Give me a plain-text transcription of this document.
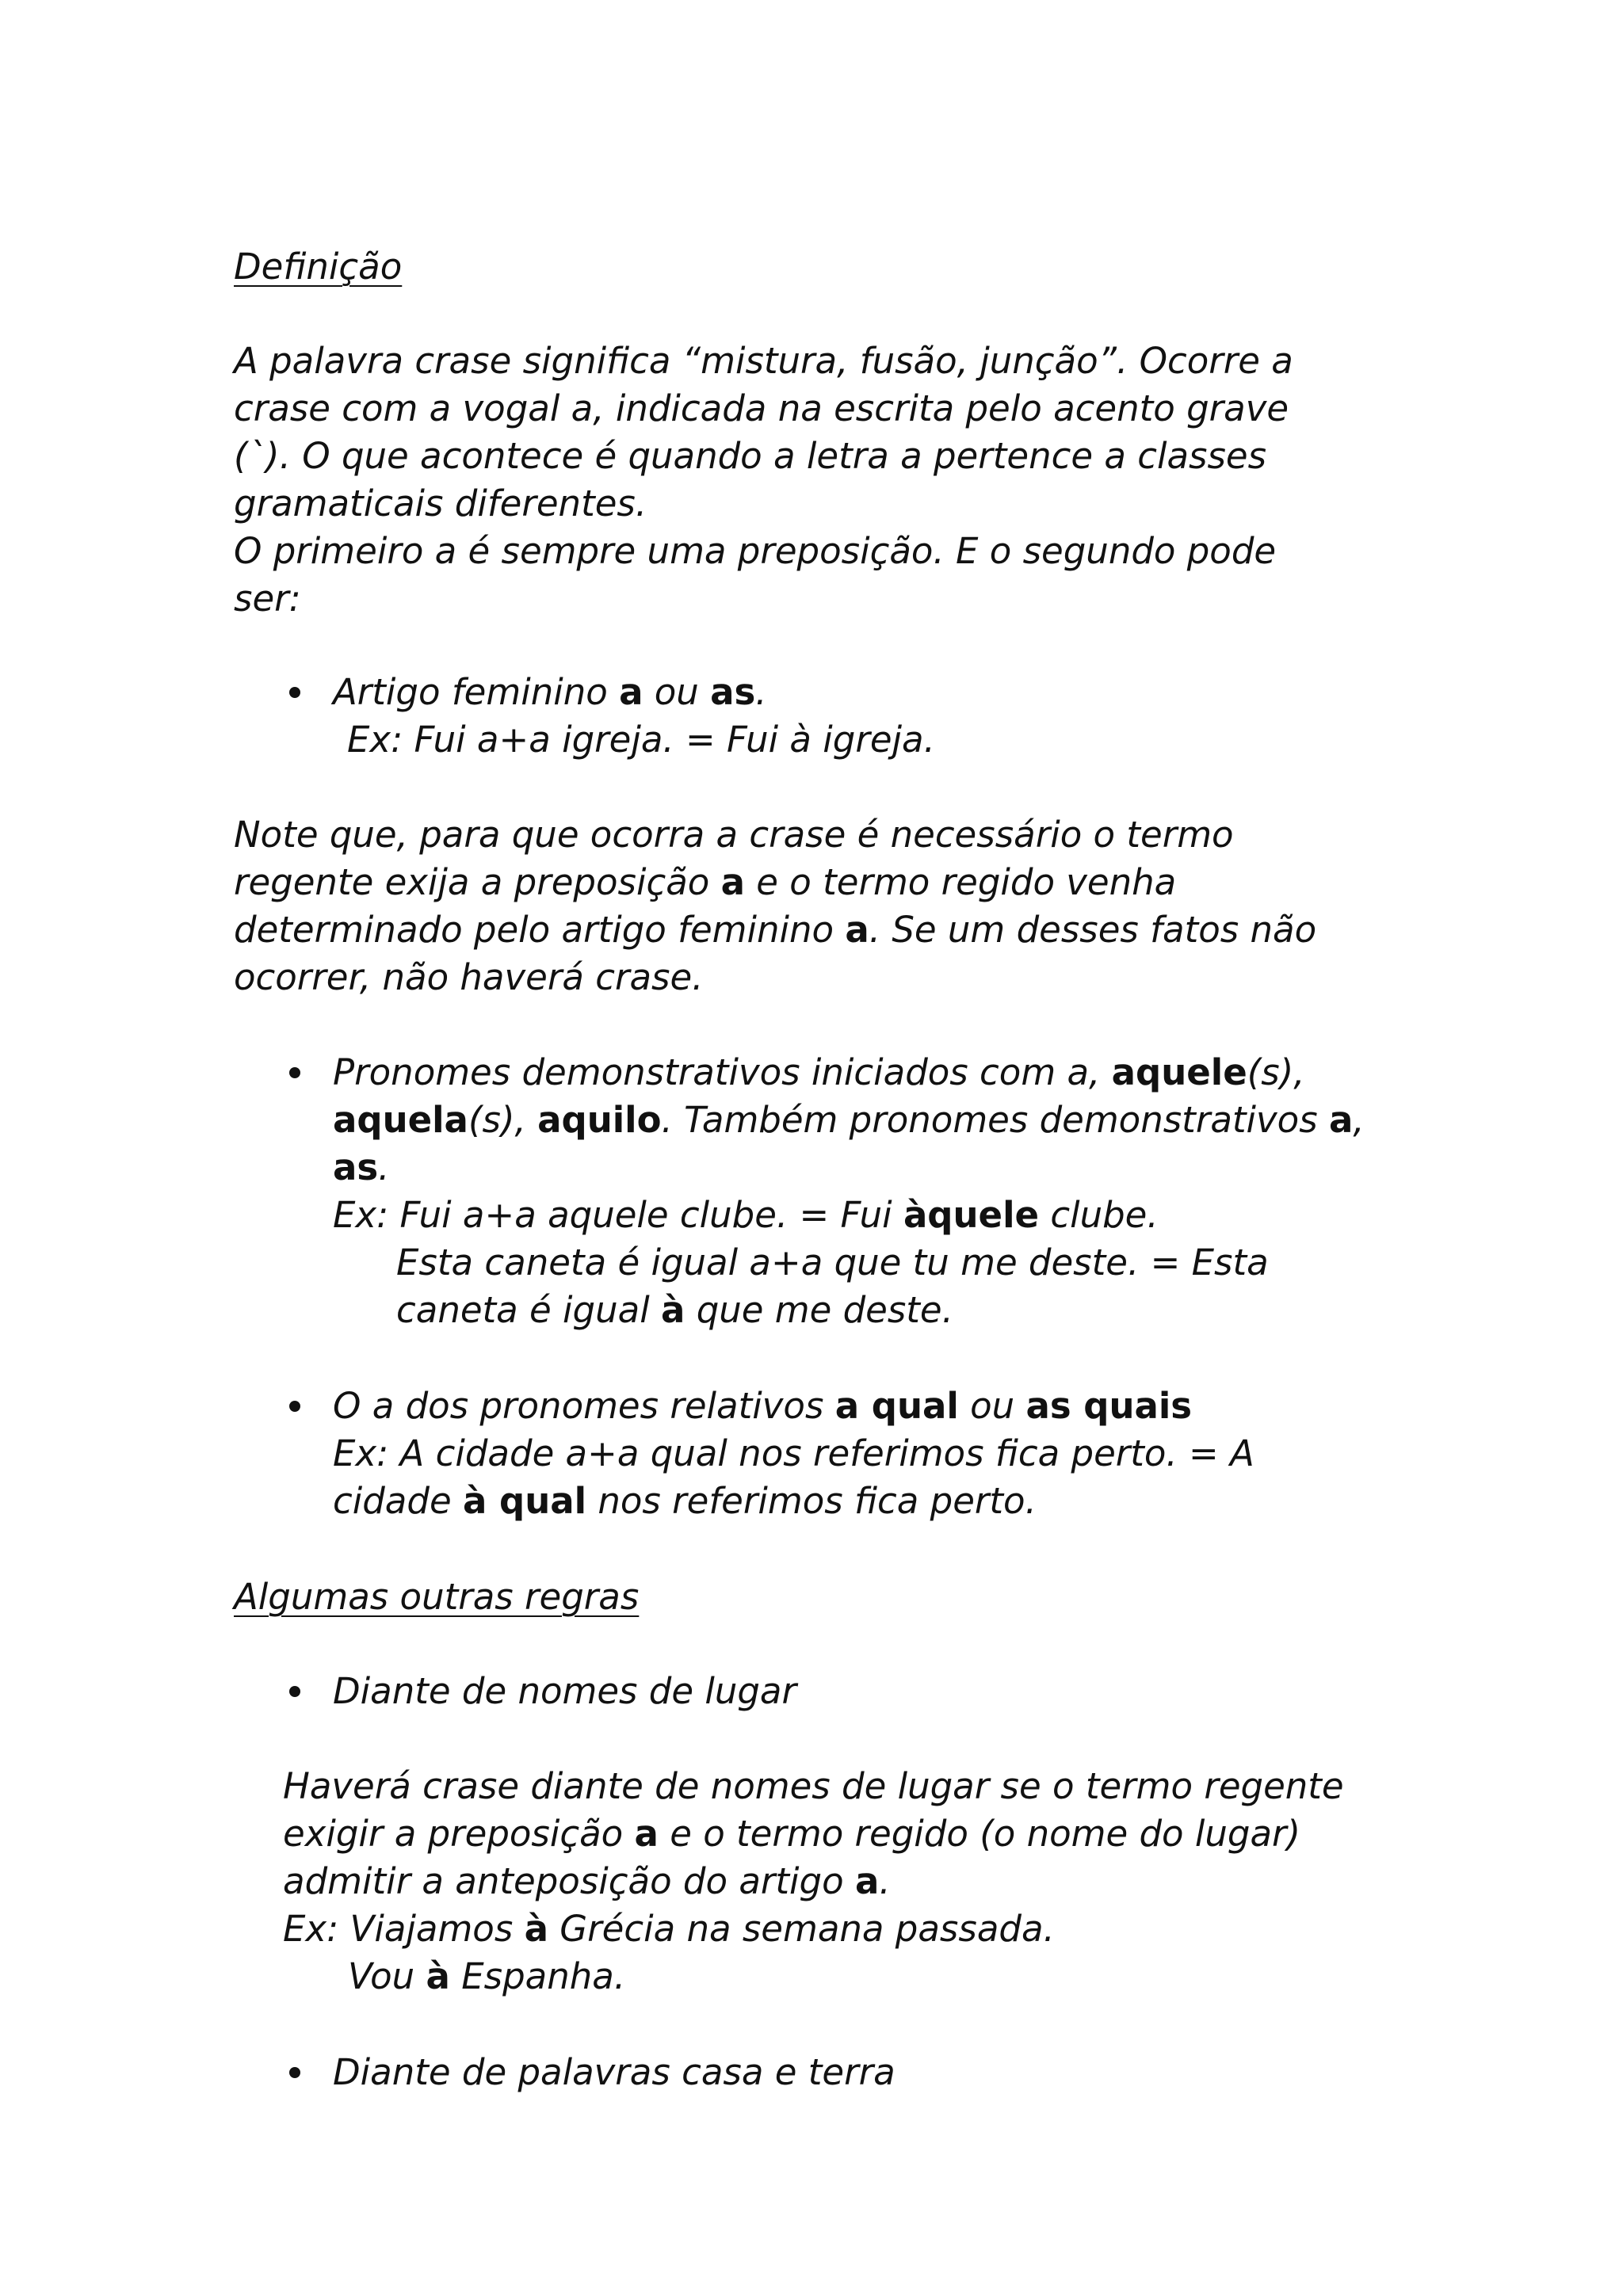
Definição
A palavra crase significa “mistura, fusão, junção”. Ocorre a
crase com a vogal a, indicada na escrita pelo acento grave
(`). O que acontece é quando a letra a pertence a classes
gramaticais diferentes.
O primeiro a é sempre uma preposição. E o segundo pode
ser:
Artigo feminino a ou as.
Ex: Fui a+a igreja. = Fui à igreja.
Note que, para que ocorra a crase é necessário o termo
regente exija a preposição a e o termo regido venha
determinado pelo artigo feminino a. Se um desses fatos não
ocorrer, não haverá crase.
Pronomes demonstrativos iniciados com a, aquele(s),
aquela(s), aquilo. Também pronomes demonstrativos a,
as.
Ex: Fui a+a aquele clube. = Fui àquele clube.
Esta caneta é igual a+a que tu me deste. = Esta
caneta é igual à que me deste.
O a dos pronomes relativos a qual ou as quais
Ex: A cidade a+a qual nos referimos fica perto. = A
cidade à qual nos referimos fica perto.
Algumas outras regras
Diante de nomes de lugar
Haverá crase diante de nomes de lugar se o termo regente
exigir a preposição a e o termo regido (o nome do lugar)
admitir a anteposição do artigo a.
Ex: Viajamos à Grécia na semana passada.
Vou à Espanha.
Diante de palavras casa e terra
